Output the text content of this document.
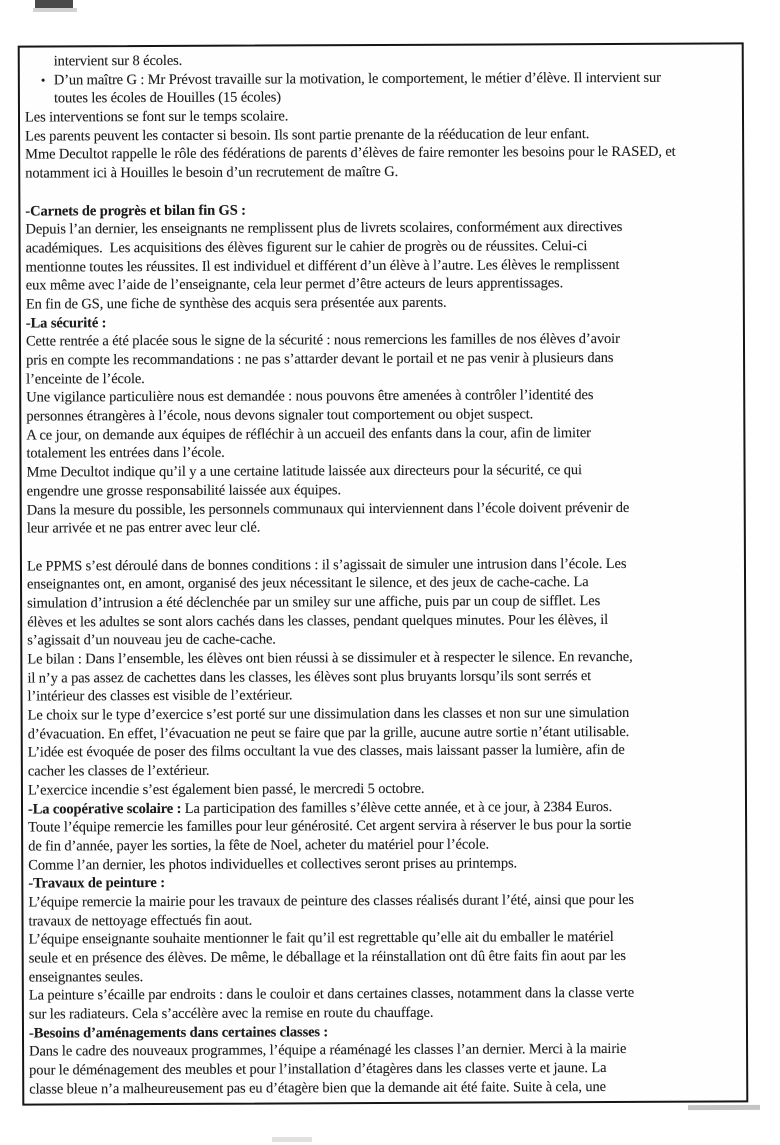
intervient sur 8 écoles.
• D’un maître G : Mr Prévost travaille sur la motivation, le comportement, le métier d’élève. Il intervient sur
toutes les écoles de Houilles (15 écoles)
Les interventions se font sur le temps scolaire.
Les parents peuvent les contacter si besoin. Ils sont partie prenante de la rééducation de leur enfant.
Mme Decultot rappelle le rôle des fédérations de parents d’élèves de faire remonter les besoins pour le RASED, et
notamment ici à Houilles le besoin d’un recrutement de maître G.
-Carnets de progrès et bilan fin GS :
Depuis l’an dernier, les enseignants ne remplissent plus de livrets scolaires, conformément aux directives
académiques.  Les acquisitions des élèves figurent sur le cahier de progrès ou de réussites. Celui-ci
mentionne toutes les réussites. Il est individuel et différent d’un élève à l’autre. Les élèves le remplissent
eux même avec l’aide de l’enseignante, cela leur permet d’être acteurs de leurs apprentissages.
En fin de GS, une fiche de synthèse des acquis sera présentée aux parents.
-La sécurité :
Cette rentrée a été placée sous le signe de la sécurité : nous remercions les familles de nos élèves d’avoir
pris en compte les recommandations : ne pas s’attarder devant le portail et ne pas venir à plusieurs dans
l’enceinte de l’école.
Une vigilance particulière nous est demandée : nous pouvons être amenées à contrôler l’identité des
personnes étrangères à l’école, nous devons signaler tout comportement ou objet suspect.
A ce jour, on demande aux équipes de réfléchir à un accueil des enfants dans la cour, afin de limiter
totalement les entrées dans l’école.
Mme Decultot indique qu’il y a une certaine latitude laissée aux directeurs pour la sécurité, ce qui
engendre une grosse responsabilité laissée aux équipes.
Dans la mesure du possible, les personnels communaux qui interviennent dans l’école doivent prévenir de
leur arrivée et ne pas entrer avec leur clé.
Le PPMS s’est déroulé dans de bonnes conditions : il s’agissait de simuler une intrusion dans l’école. Les
enseignantes ont, en amont, organisé des jeux nécessitant le silence, et des jeux de cache-cache. La
simulation d’intrusion a été déclenchée par un smiley sur une affiche, puis par un coup de sifflet. Les
élèves et les adultes se sont alors cachés dans les classes, pendant quelques minutes. Pour les élèves, il
s’agissait d’un nouveau jeu de cache-cache.
Le bilan : Dans l’ensemble, les élèves ont bien réussi à se dissimuler et à respecter le silence. En revanche,
il n’y a pas assez de cachettes dans les classes, les élèves sont plus bruyants lorsqu’ils sont serrés et
l’intérieur des classes est visible de l’extérieur.
Le choix sur le type d’exercice s’est porté sur une dissimulation dans les classes et non sur une simulation
d’évacuation. En effet, l’évacuation ne peut se faire que par la grille, aucune autre sortie n’étant utilisable.
L’idée est évoquée de poser des films occultant la vue des classes, mais laissant passer la lumière, afin de
cacher les classes de l’extérieur.
L’exercice incendie s’est également bien passé, le mercredi 5 octobre.
-La coopérative scolaire : La participation des familles s’élève cette année, et à ce jour, à 2384 Euros.
Toute l’équipe remercie les familles pour leur générosité. Cet argent servira à réserver le bus pour la sortie
de fin d’année, payer les sorties, la fête de Noel, acheter du matériel pour l’école.
Comme l’an dernier, les photos individuelles et collectives seront prises au printemps.
-Travaux de peinture :
L’équipe remercie la mairie pour les travaux de peinture des classes réalisés durant l’été, ainsi que pour les
travaux de nettoyage effectués fin aout.
L’équipe enseignante souhaite mentionner le fait qu’il est regrettable qu’elle ait du emballer le matériel
seule et en présence des élèves. De même, le déballage et la réinstallation ont dû être faits fin aout par les
enseignantes seules.
La peinture s’écaille par endroits : dans le couloir et dans certaines classes, notamment dans la classe verte
sur les radiateurs. Cela s’accélère avec la remise en route du chauffage.
-Besoins d’aménagements dans certaines classes :
Dans le cadre des nouveaux programmes, l’équipe a réaménagé les classes l’an dernier. Merci à la mairie
pour le déménagement des meubles et pour l’installation d’étagères dans les classes verte et jaune. La
classe bleue n’a malheureusement pas eu d’étagère bien que la demande ait été faite. Suite à cela, une
